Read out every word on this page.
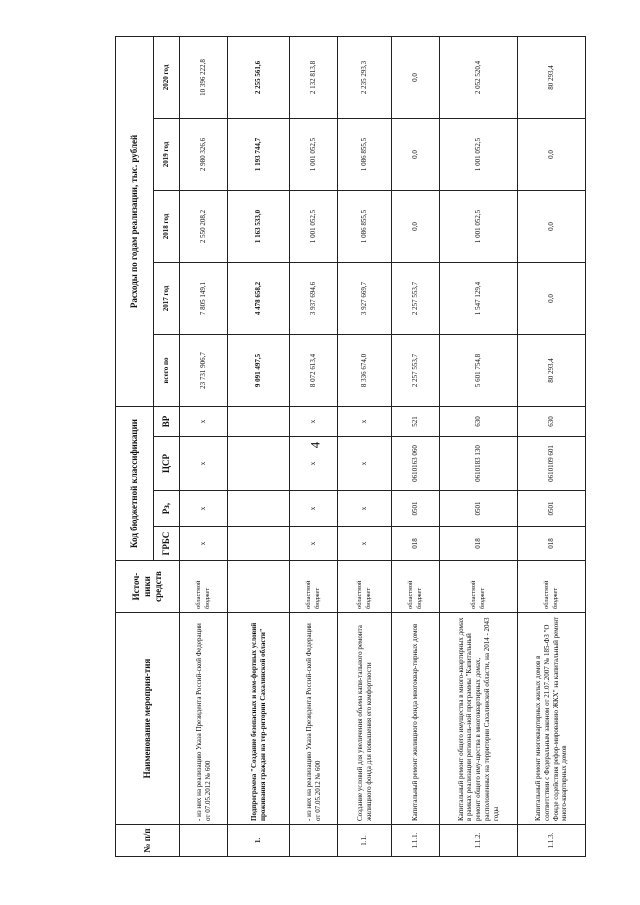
4
№ п/п	Наименование мероприя-тия	Источ-ники средств	Код бюджетной классификации				Расходы по годам реализации, тыс. рублей				
			ГРБС	Рз,	ЦСР	ВР	всего по	2017 год	2018 год	2019 год	2020 год
	- из них на реализацию Указа Президента Россий-ской Федерации от 07.05.2012 № 600	областной бюджет	x	x	x	x	23 731 906,7	7 805 149,1	2 550 208,2	2 980 326,6	10 396 222,8
1.	Подпрограмма "Создание безопасных и ком-фортных условий проживания граждан на тер-ритории Сахалинской области"						9 091 497,5	4 478 658,2	1 163 533,0	1 193 744,7	2 255 561,6
	- из них на реализацию Указа Президента Россий-ской Федерации от 07.05.2012 № 600	областной бюджет	x	x	x	x	8 072 613,4	3 937 694,6	1 001 052,5	1 001 052,5	2 132 813,8
1.1.	Создание условий для увеличения объема капи-тального ремонта жилищного фонда для повышения его комфортности	областной бюджет	x	x	x	x	8 336 674,0	3 927 669,7	1 086 855,5	1 086 855,5	2 235 293,3
1.1.1.	Капитальный ремонт жилищного фонда многоквар-тирных домов	областной бюджет	018	0501	0610163 060	521	2 257 553,7	2 257 553,7	0,0	0,0	0,0
1.1.2.	Капитальный ремонт общего имущества в много-квартирных домах в рамках реализации региональ-ной программы "Капитальный ремонт общего иму-щества в многоквартирных домах, расположенных на территории Сахалинской области, на 2014 - 2043 годы	областной бюджет	018	0501	0610183 130	630	5 601 754,8	1 547 129,4	1 001 052,5	1 001 052,5	2 052 520,4
1.1.3.	Капитальный ремонт многоквартирных жилых домов в соответствии с Федеральным законом от 21.07.2007 № 185-ФЗ "О Фонде содействия рефор-мированию ЖКХ" на капитальный ремонт много-квартирных домов	областной бюджет	018	0501	0610109 601	630	80 293,4	0,0	0,0	0,0	80 293,4
